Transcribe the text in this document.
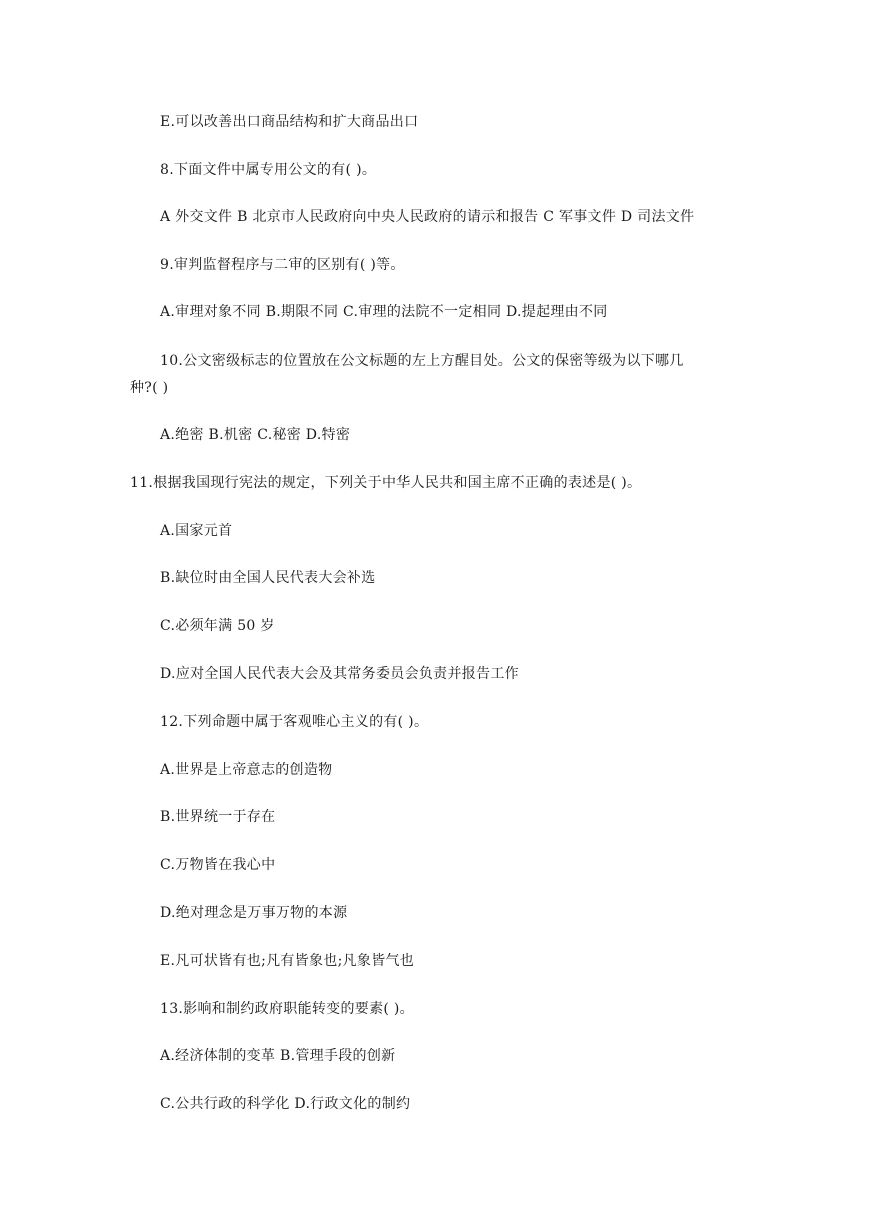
E.可以改善出口商品结构和扩大商品出口
8.下面文件中属专用公文的有( )。
A 外交文件 B 北京市人民政府向中央人民政府的请示和报告 C 军事文件 D 司法文件
9.审判监督程序与二审的区别有( )等。
A.审理对象不同 B.期限不同 C.审理的法院不一定相同 D.提起理由不同
10.公文密级标志的位置放在公文标题的左上方醒目处。公文的保密等级为以下哪几
种?( )
A.绝密 B.机密 C.秘密 D.特密
11.根据我国现行宪法的规定，下列关于中华人民共和国主席不正确的表述是( )。
A.国家元首
B.缺位时由全国人民代表大会补选
C.必须年满 50 岁
D.应对全国人民代表大会及其常务委员会负责并报告工作
12.下列命题中属于客观唯心主义的有( )。
A.世界是上帝意志的创造物
B.世界统一于存在
C.万物皆在我心中
D.绝对理念是万事万物的本源
E.凡可状皆有也;凡有皆象也;凡象皆气也
13.影响和制约政府职能转变的要素( )。
A.经济体制的变革 B.管理手段的创新
C.公共行政的科学化 D.行政文化的制约
